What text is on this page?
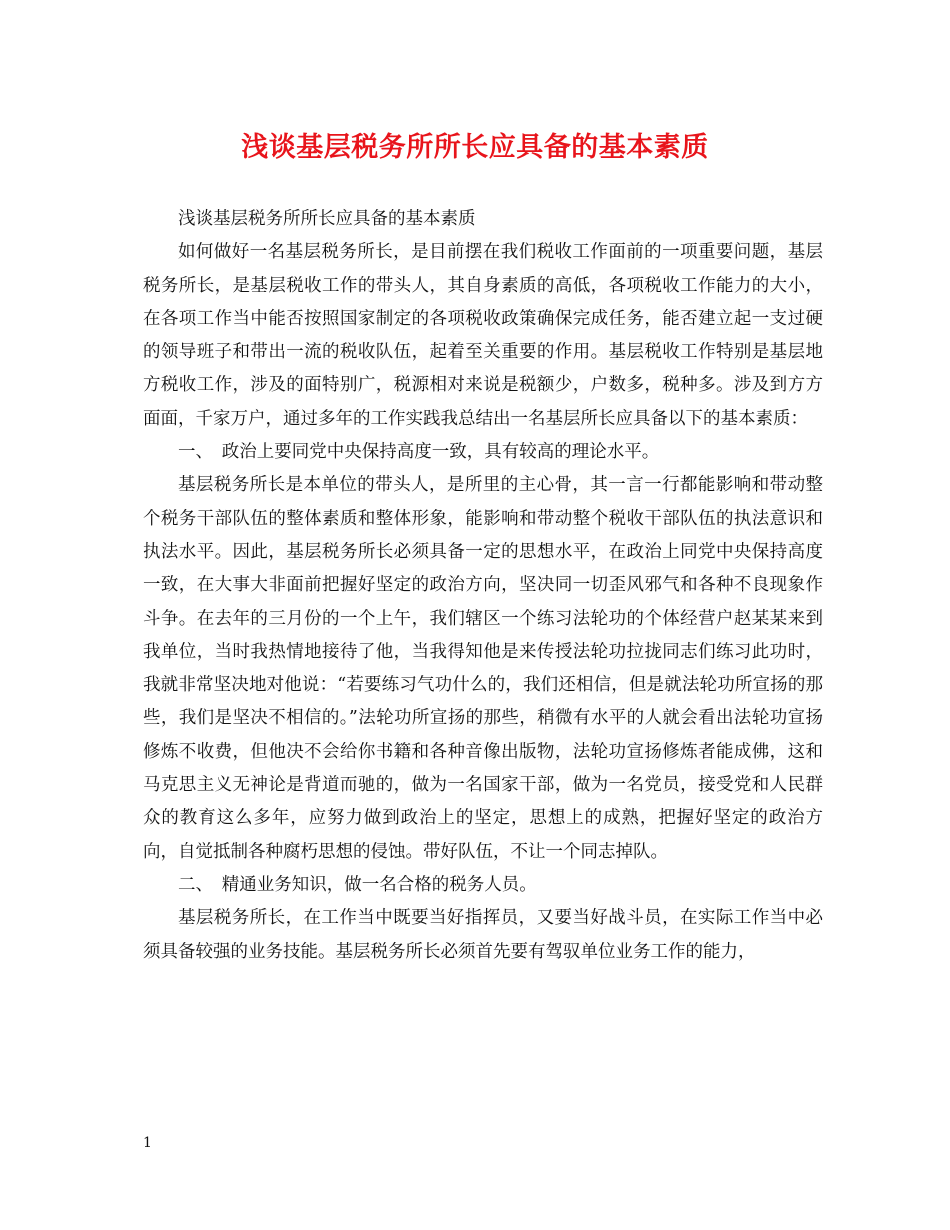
浅谈基层税务所所长应具备的基本素质

浅谈基层税务所所长应具备的基本素质

如何做好一名基层税务所长，是目前摆在我们税收工作面前的一项重要问题，基层税务所长，是基层税收工作的带头人，其自身素质的高低，各项税收工作能力的大小，在各项工作当中能否按照国家制定的各项税收政策确保完成任务，能否建立起一支过硬的领导班子和带出一流的税收队伍，起着至关重要的作用。基层税收工作特别是基层地方税收工作，涉及的面特别广，税源相对来说是税额少，户数多，税种多。涉及到方方面面，千家万户，通过多年的工作实践我总结出一名基层所长应具备以下的基本素质：

一、　政治上要同党中央保持高度一致，具有较高的理论水平。

基层税务所长是本单位的带头人，是所里的主心骨，其一言一行都能影响和带动整个税务干部队伍的整体素质和整体形象，能影响和带动整个税收干部队伍的执法意识和执法水平。因此，基层税务所长必须具备一定的思想水平，在政治上同党中央保持高度一致，在大事大非面前把握好坚定的政治方向，坚决同一切歪风邪气和各种不良现象作斗争。在去年的三月份的一个上午，我们辖区一个练习法轮功的个体经营户赵某某来到我单位，当时我热情地接待了他，当我得知他是来传授法轮功拉拢同志们练习此功时，我就非常坚决地对他说：“若要练习气功什么的，我们还相信，但是就法轮功所宣扬的那些，我们是坚决不相信的。”法轮功所宣扬的那些，稍微有水平的人就会看出法轮功宣扬修炼不收费，但他决不会给你书籍和各种音像出版物，法轮功宣扬修炼者能成佛，这和马克思主义无神论是背道而驰的，做为一名国家干部，做为一名党员，接受党和人民群众的教育这么多年，应努力做到政治上的坚定，思想上的成熟，把握好坚定的政治方向，自觉抵制各种腐朽思想的侵蚀。带好队伍，不让一个同志掉队。

二、　精通业务知识，做一名合格的税务人员。

基层税务所长，在工作当中既要当好指挥员，又要当好战斗员，在实际工作当中必须具备较强的业务技能。基层税务所长必须首先要有驾驭单位业务工作的能力，

1
